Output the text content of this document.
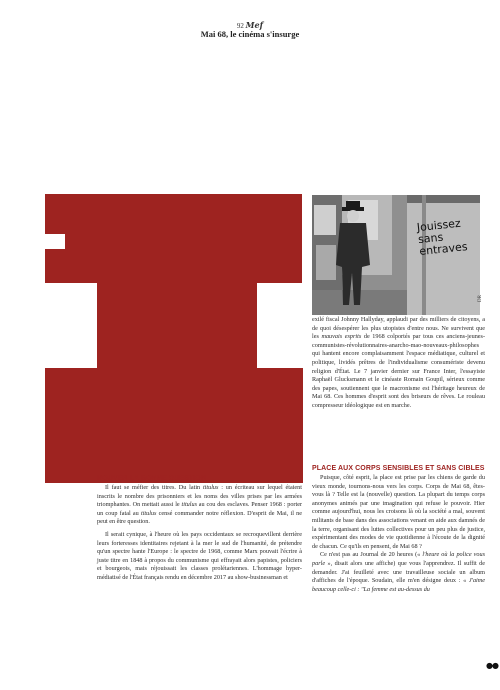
92 Mef
Mai 68, le cinéma s'insurge
Jouissez sans entraves
DR

exilé fiscal Johnny Hallyday, applaudi par des milliers de citoyens, a de quoi désespérer les plus utopistes d'entre nous. Ne survivent que les mauvais esprits de 1968 colportés par tous ces anciens-jeunes-communistes-révolutionnaires-anarcho-mao-nouveaux-philosophes qui hantent encore complaisamment l'espace médiatique, culturel et politique, lividés prêtres de l'individualisme consumériste devenu religion d'État. Le 7 janvier dernier sur France Inter, l'essayiste Raphaël Glucksmann et le cinéaste Romain Goupil, sérieux comme des papes, soutiennent que le macronisme est l'héritage heureux de Mai 68. Ces hommes d'esprit sont des briseurs de rêves. Le rouleau compresseur idéologique est en marche.

ROUVER LA BONNE QUESTION

Il faut se méfier des titres. Du latin titulus : un écriteau sur lequel étaient inscrits le nombre des prisonniers et les noms des villes prises par les armées triomphantes. On mettait aussi le titulus au cou des esclaves. Penser 1968 : porter un coup fatal au titulus censé commander notre réflexion. D'esprit de Mai, il ne peut en être question.

Il serait cynique, à l'heure où les pays occidentaux se recroquevillent derrière leurs forteresses identitaires rejetant à la mer le sud de l'humanité, de prétendre qu'un spectre hante l'Europe : le spectre de 1968, comme Marx pouvait l'écrire à juste titre en 1848 à propos du communisme qui effrayait alors papistes, policiers et bourgeois, mais réjouissait les classes prolétariennes. L'hommage hyper-médiatisé de l'État français rendu en décembre 2017 au show-businessman et

PLACE AUX CORPS SENSIBLES ET SANS CIBLES

Puisque, côté esprit, la place est prise par les chiens de garde du vieux monde, tournons-nous vers les corps. Corps de Mai 68, êtes-vous là ? Telle est la (nouvelle) question. La plupart du temps corps anonymes animés par une imagination qui refuse le pouvoir. Hier comme aujourd'hui, nous les croisons là où la société a mal, souvent militants de base dans des associations venant en aide aux damnés de la terre, organisant des luttes collectives pour un peu plus de justice, expérimentant des modes de vie quotidienne à l'écoute de la dignité de chacun. Ce qu'ils en pensent, de Mai 68 ?

Ce n'est pas au Journal de 20 heures (« l'heure où la police vous parle », disait alors une affiche) que vous l'apprendrez. Il suffit de demander. J'ai feuilleté avec une travailleuse sociale un album d'affiches de l'époque. Soudain, elle m'en désigne deux : « J'aime beaucoup celle-ci : "La femme est au-dessus du

●●
